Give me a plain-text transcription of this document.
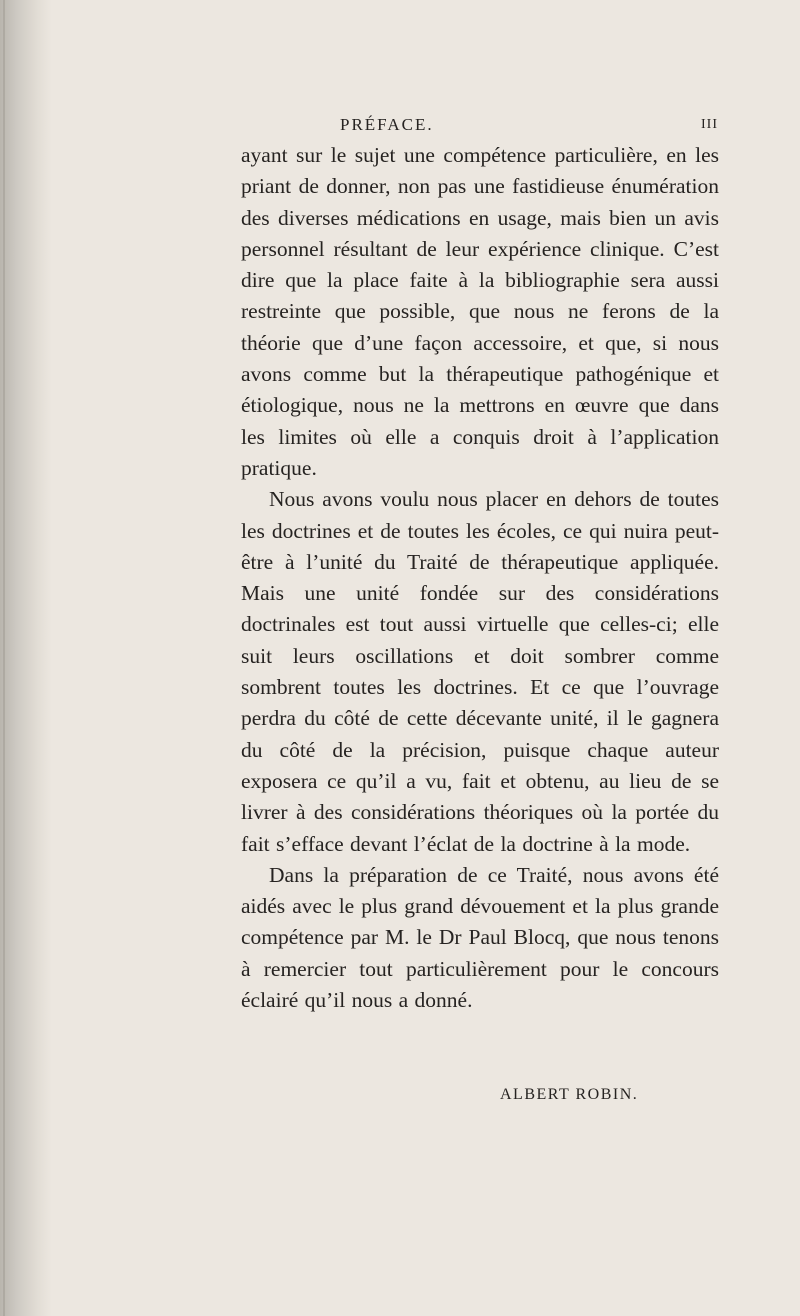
PRÉFACE.	III

ayant sur le sujet une compétence particulière, en les priant de donner, non pas une fastidieuse énumération des diverses médications en usage, mais bien un avis personnel résultant de leur expérience clinique. C’est dire que la place faite à la bibliographie sera aussi restreinte que possible, que nous ne ferons de la théorie que d’une façon accessoire, et que, si nous avons comme but la thérapeutique pathogénique et étiologique, nous ne la mettrons en œuvre que dans les limites où elle a conquis droit à l’application pratique.

Nous avons voulu nous placer en dehors de toutes les doctrines et de toutes les écoles, ce qui nuira peut-être à l’unité du Traité de thérapeutique appliquée. Mais une unité fondée sur des considérations doctrinales est tout aussi virtuelle que celles-ci; elle suit leurs oscillations et doit sombrer comme sombrent toutes les doctrines. Et ce que l’ouvrage perdra du côté de cette décevante unité, il le gagnera du côté de la précision, puisque chaque auteur exposera ce qu’il a vu, fait et obtenu, au lieu de se livrer à des considérations théoriques où la portée du fait s’efface devant l’éclat de la doctrine à la mode.

Dans la préparation de ce Traité, nous avons été aidés avec le plus grand dévouement et la plus grande compétence par M. le Dr Paul Blocq, que nous tenons à remercier tout particulièrement pour le concours éclairé qu’il nous a donné.

ALBERT ROBIN.
